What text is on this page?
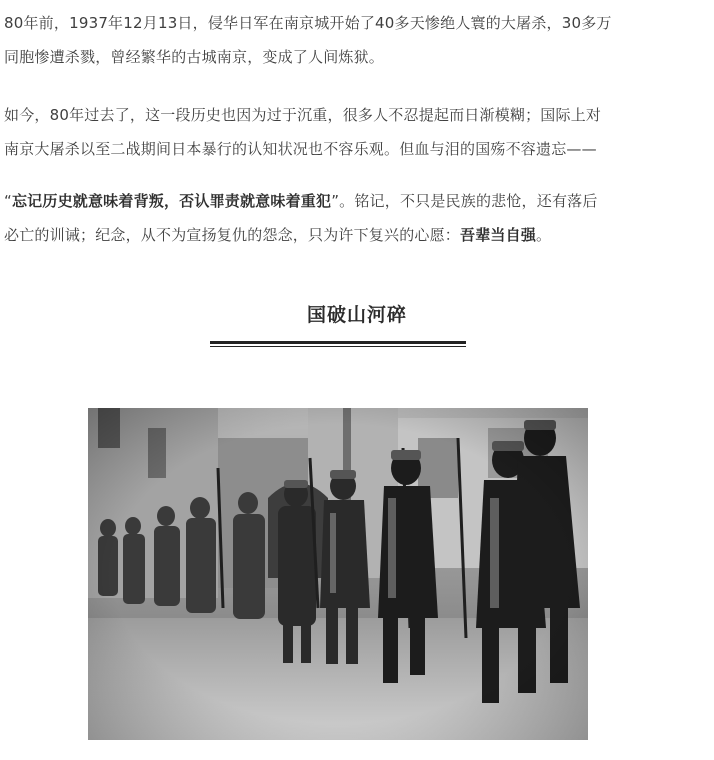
80年前，1937年12月13日，侵华日军在南京城开始了40多天惨绝人寰的大屠杀，30多万
同胞惨遭杀戮，曾经繁华的古城南京，变成了人间炼狱。

如今，80年过去了，这一段历史也因为过于沉重，很多人不忍提起而日渐模糊；国际上对
南京大屠杀以至二战期间日本暴行的认知状况也不容乐观。但血与泪的国殇不容遗忘——

“忘记历史就意味着背叛，否认罪责就意味着重犯”。铭记，不只是民族的悲怆，还有落后
必亡的训诫；纪念，从不为宣扬复仇的怨念，只为许下复兴的心愿：吾辈当自强。

国破山河碎
